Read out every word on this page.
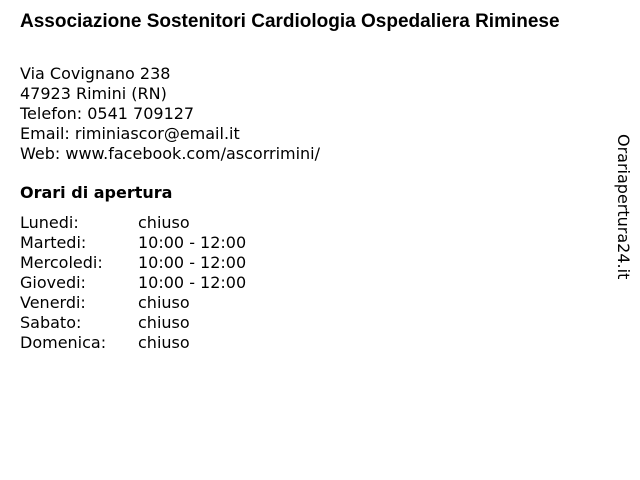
Associazione Sostenitori Cardiologia Ospedaliera Riminese
Via Covignano 238
47923 Rimini (RN)
Telefon: 0541 709127
Email: riminiascor@email.it
Web: www.facebook.com/ascorrimini/
Orari di apertura
Lunedi:	chiuso
Martedi:	10:00 - 12:00
Mercoledi:	10:00 - 12:00
Giovedi:	10:00 - 12:00
Venerdi:	chiuso
Sabato:	chiuso
Domenica:	chiuso
Orariapertura24.it
